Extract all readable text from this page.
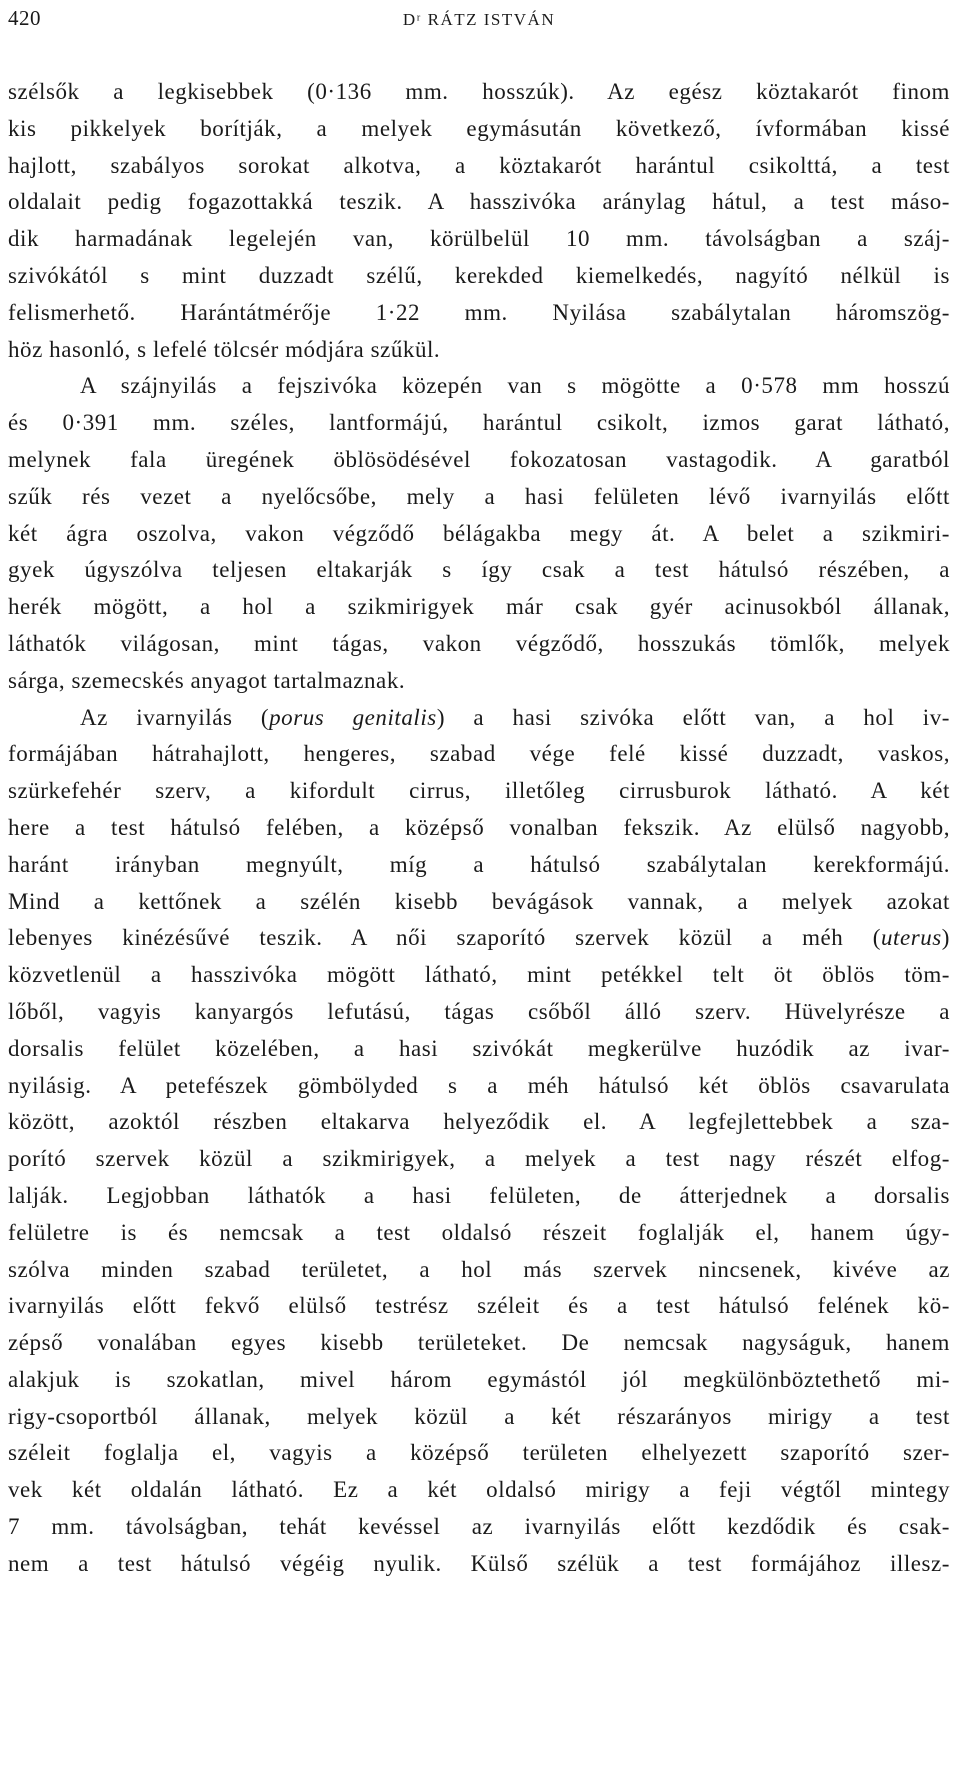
420	Dʳ RÁTZ ISTVÁN
szélsők a legkisebbek (0·136 mm. hosszúk). Az egész köztakarót finom
kis pikkelyek borítják, a melyek egymásután következő, ívformában kissé
hajlott, szabályos sorokat alkotva, a köztakarót harántul csikolttá, a test
oldalait pedig fogazottakká teszik. A hasszivóka aránylag hátul, a test máso-
dik harmadának legelején van, körülbelül 10 mm. távolságban a száj-
szivókától s mint duzzadt szélű, kerekded kiemelkedés, nagyító nélkül is
felismerhető. Harántátmérője 1·22 mm. Nyilása szabálytalan háromszög-
höz hasonló, s lefelé tölcsér módjára szűkül.
A szájnyilás a fejszivóka közepén van s mögötte a 0·578 mm hosszú
és 0·391 mm. széles, lantformájú, harántul csikolt, izmos garat látható,
melynek fala üregének öblösödésével fokozatosan vastagodik. A garatból
szűk rés vezet a nyelőcsőbe, mely a hasi felületen lévő ivarnyilás előtt
két ágra oszolva, vakon végződő bélágakba megy át. A belet a szikmiri-
gyek úgyszólva teljesen eltakarják s így csak a test hátulsó részében, a
herék mögött, a hol a szikmirigyek már csak gyér acinusokból állanak,
láthatók világosan, mint tágas, vakon végződő, hosszukás tömlők, melyek
sárga, szemecskés anyagot tartalmaznak.
Az ivarnyilás (porus genitalis) a hasi szivóka előtt van, a hol iv-
formájában hátrahajlott, hengeres, szabad vége felé kissé duzzadt, vaskos,
szürkefehér szerv, a kifordult cirrus, illetőleg cirrusburok látható. A két
here a test hátulsó felében, a középső vonalban fekszik. Az elülső nagyobb,
haránt irányban megnyúlt, míg a hátulsó szabálytalan kerekformájú.
Mind a kettőnek a szélén kisebb bevágások vannak, a melyek azokat
lebenyes kinézésűvé teszik. A női szaporító szervek közül a méh (uterus)
közvetlenül a hasszivóka mögött látható, mint petékkel telt öt öblös töm-
lőből, vagyis kanyargós lefutású, tágas csőből álló szerv. Hüvelyrésze a
dorsalis felület közelében, a hasi szivókát megkerülve huzódik az ivar-
nyilásig. A petefészek gömbölyded s a méh hátulsó két öblös csavarulata
között, azoktól részben eltakarva helyeződik el. A legfejlettebbek a sza-
porító szervek közül a szikmirigyek, a melyek a test nagy részét elfog-
lalják. Legjobban láthatók a hasi felületen, de átterjednek a dorsalis
felületre is és nemcsak a test oldalsó részeit foglalják el, hanem úgy-
szólva minden szabad területet, a hol más szervek nincsenek, kivéve az
ivarnyilás előtt fekvő elülső testrész széleit és a test hátulsó felének kö-
zépső vonalában egyes kisebb területeket. De nemcsak nagyságuk, hanem
alakjuk is szokatlan, mivel három egymástól jól megkülönböztethető mi-
rigy-csoportból állanak, melyek közül a két részarányos mirigy a test
széleit foglalja el, vagyis a középső területen elhelyezett szaporító szer-
vek két oldalán látható. Ez a két oldalsó mirigy a feji végtől mintegy
7 mm. távolságban, tehát kevéssel az ivarnyilás előtt kezdődik és csak-
nem a test hátulsó végéig nyulik. Külső szélük a test formájához illesz-
